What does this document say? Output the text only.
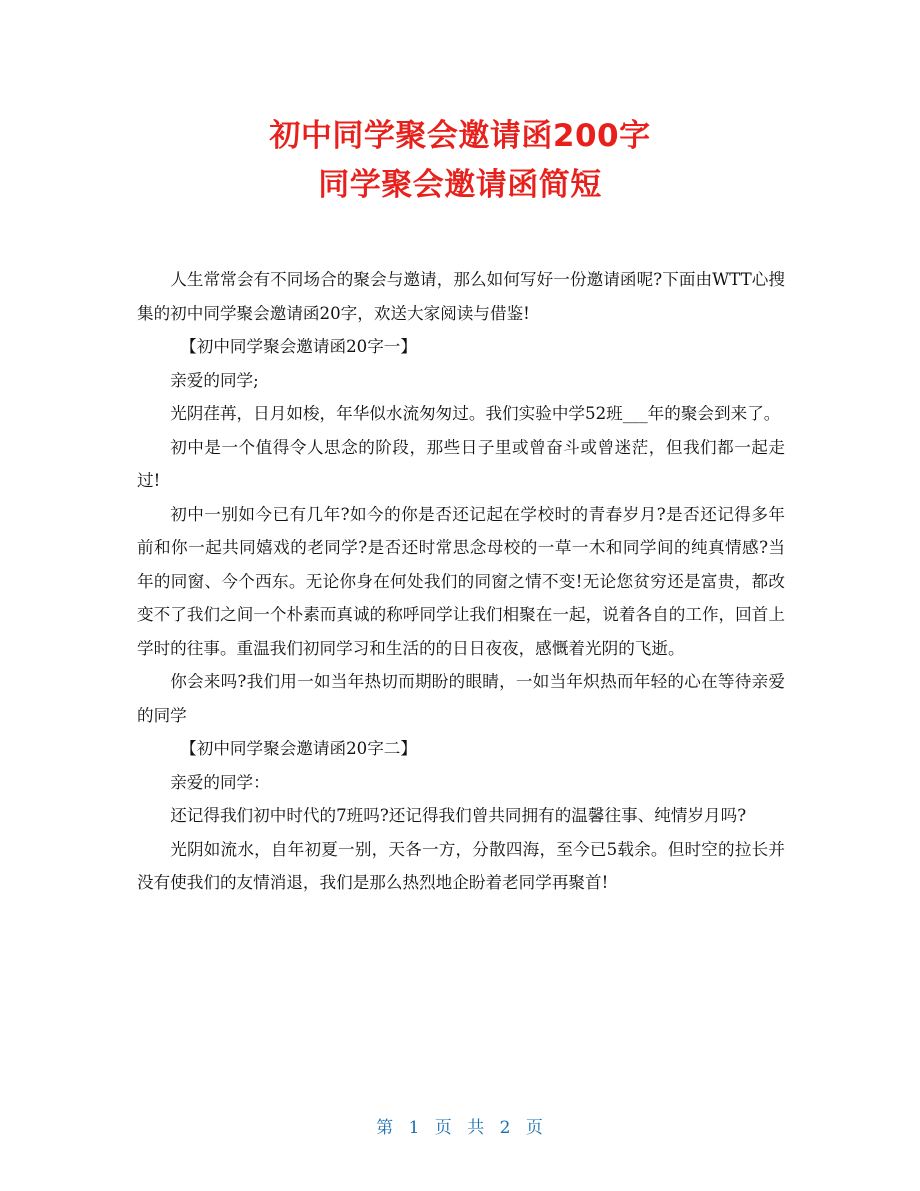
初中同学聚会邀请函200字
同学聚会邀请函简短

人生常常会有不同场合的聚会与邀请，那么如何写好一份邀请函呢?下面由WTT心搜集的初中同学聚会邀请函20字，欢送大家阅读与借鉴!

【初中同学聚会邀请函20字一】

亲爱的同学;

光阴荏苒，日月如梭，年华似水流匆匆过。我们实验中学52班___年的聚会到来了。

初中是一个值得令人思念的阶段，那些日子里或曾奋斗或曾迷茫，但我们都一起走过!

初中一别如今已有几年?如今的你是否还记起在学校时的青春岁月?是否还记得多年前和你一起共同嬉戏的老同学?是否还时常思念母校的一草一木和同学间的纯真情感?当年的同窗、今个西东。无论你身在何处我们的同窗之情不变!无论您贫穷还是富贵，都改变不了我们之间一个朴素而真诚的称呼同学让我们相聚在一起，说着各自的工作，回首上学时的往事。重温我们初同学习和生活的的日日夜夜，感慨着光阴的飞逝。

你会来吗?我们用一如当年热切而期盼的眼睛，一如当年炽热而年轻的心在等待亲爱的同学

【初中同学聚会邀请函20字二】

亲爱的同学：

还记得我们初中时代的7班吗?还记得我们曾共同拥有的温馨往事、纯情岁月吗?

光阴如流水，自年初夏一别，天各一方，分散四海，至今已5载余。但时空的拉长并没有使我们的友情消退，我们是那么热烈地企盼着老同学再聚首!

第 1 页 共 2 页
